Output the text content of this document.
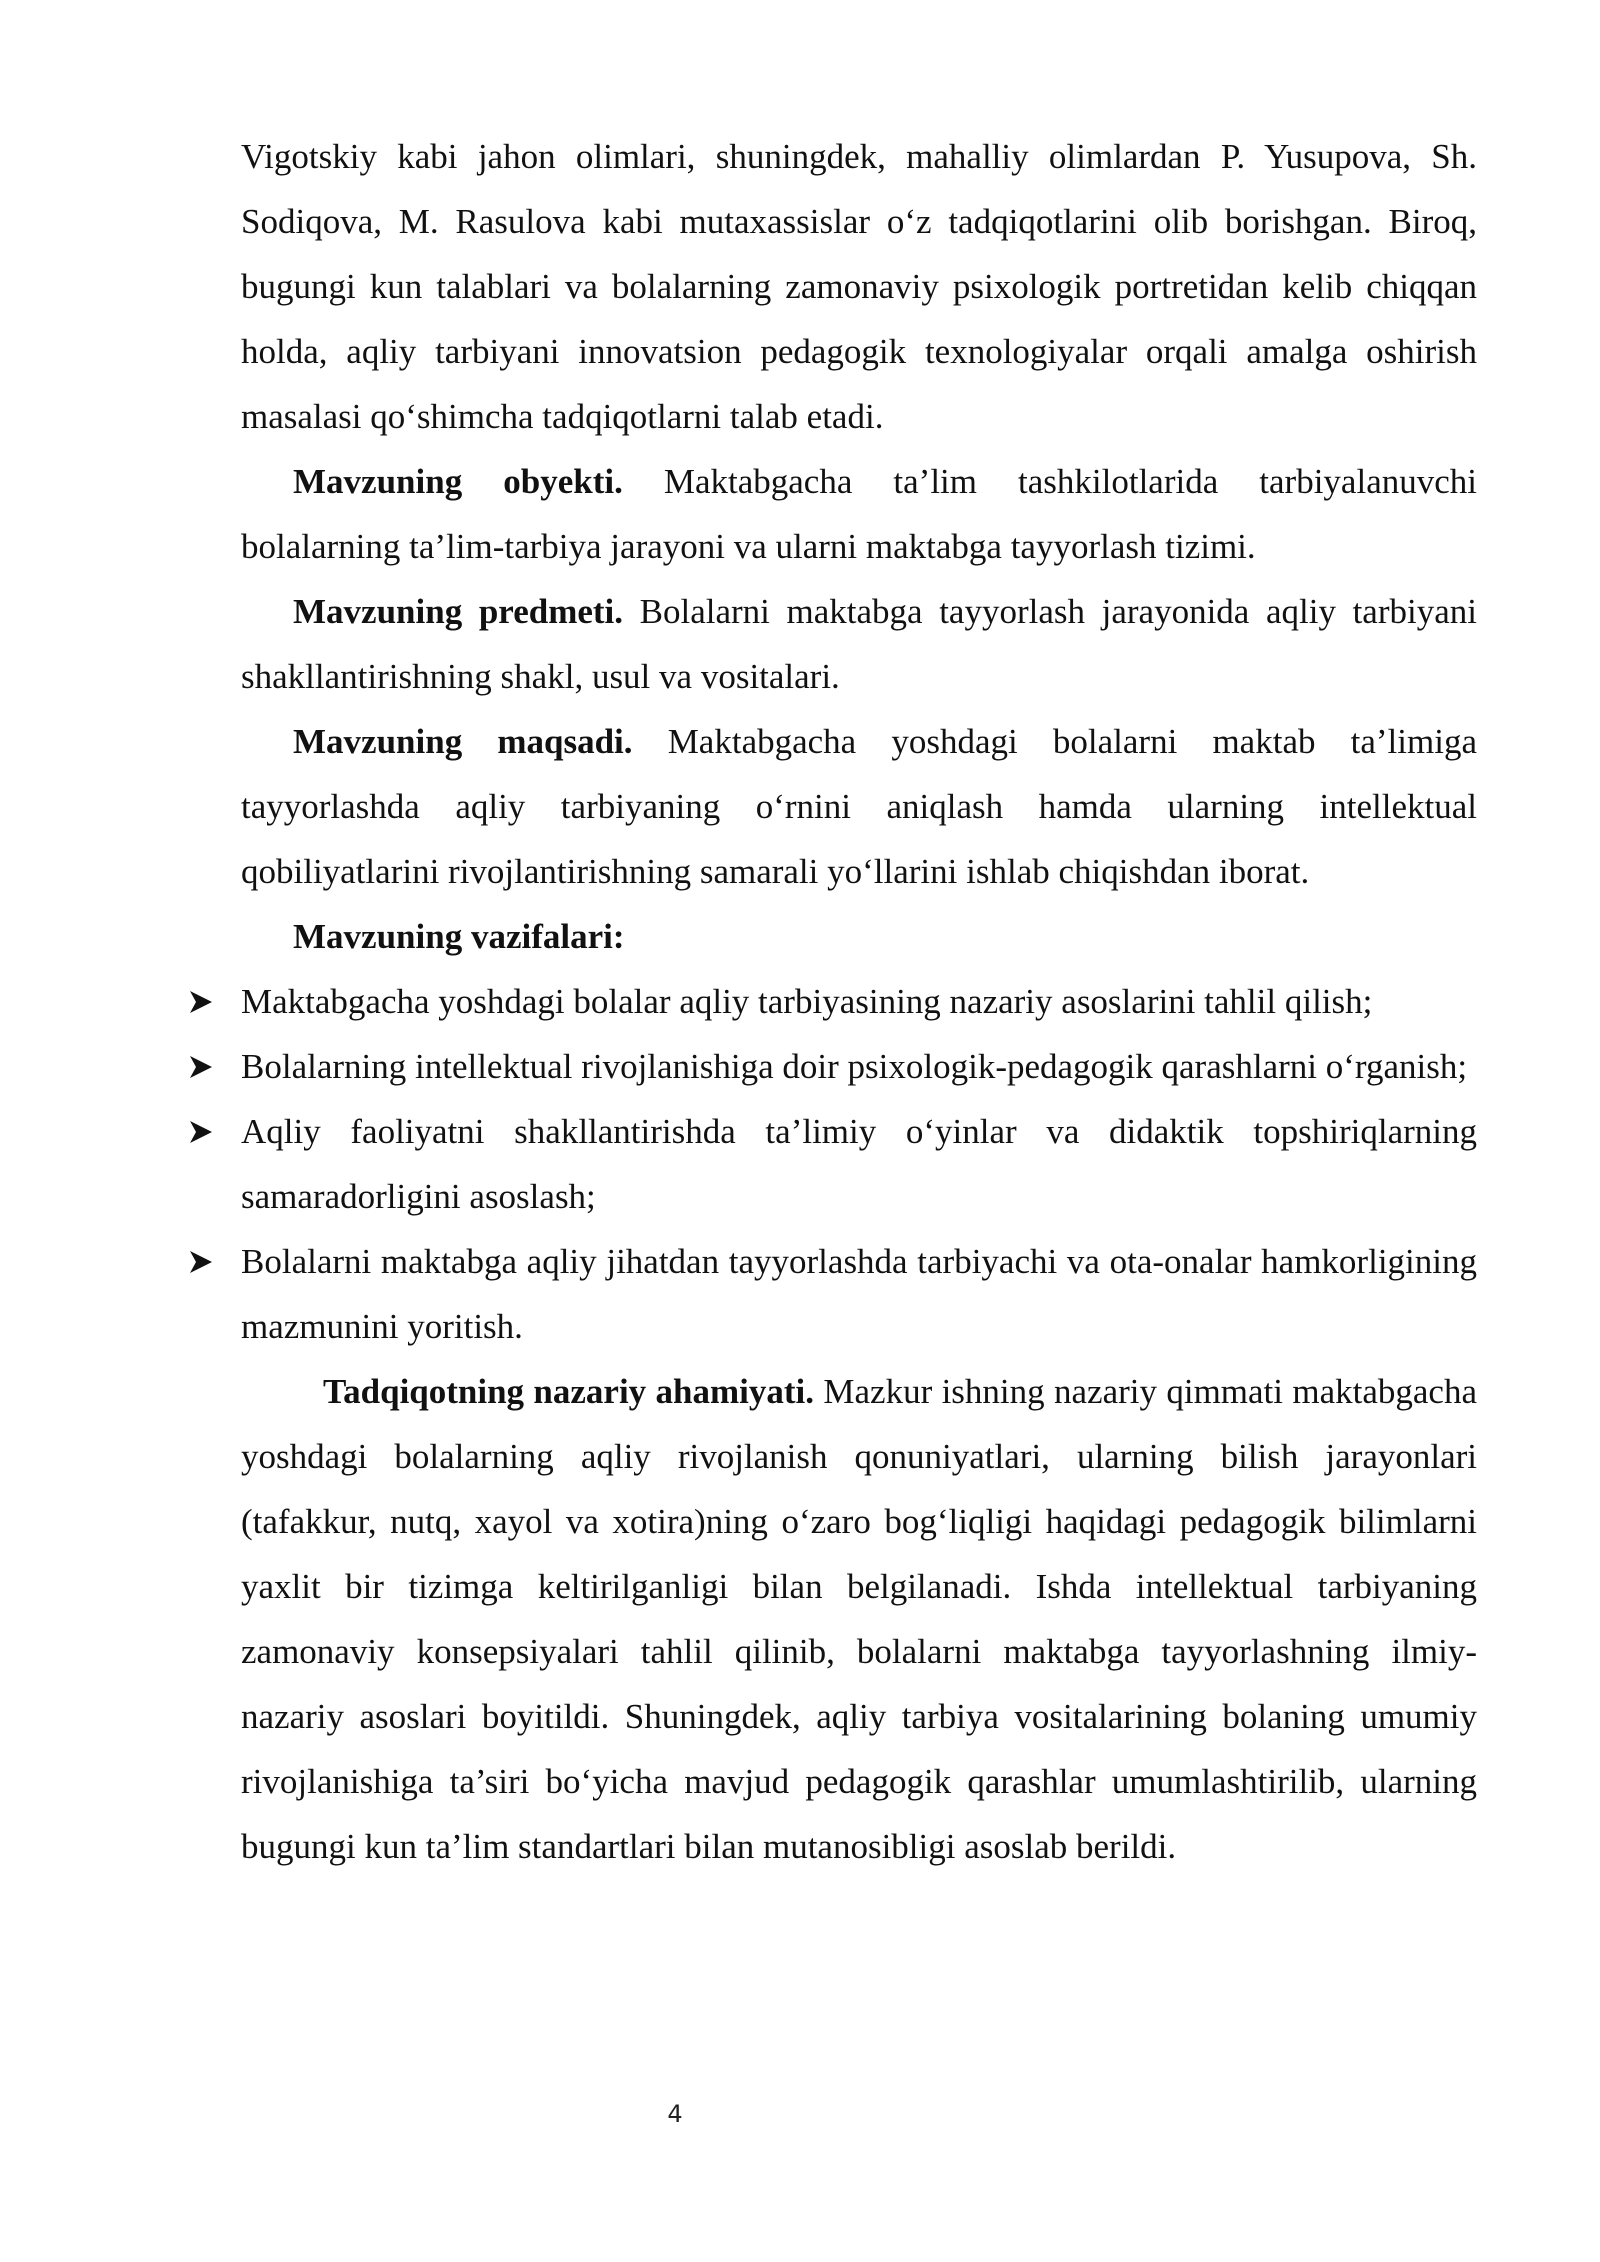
Vigotskiy kabi jahon olimlari, shuningdek, mahalliy olimlardan P. Yusupova, Sh. Sodiqova, M. Rasulova kabi mutaxassislar o‘z tadqiqotlarini olib borishgan. Biroq, bugungi kun talablari va bolalarning zamonaviy psixologik portretidan kelib chiqqan holda, aqliy tarbiyani innovatsion pedagogik texnologiyalar orqali amalga oshirish masalasi qo‘shimcha tadqiqotlarni talab etadi.

Mavzuning obyekti. Maktabgacha ta’lim tashkilotlarida tarbiyalanuvchi bolalarning ta’lim-tarbiya jarayoni va ularni maktabga tayyorlash tizimi.

Mavzuning predmeti. Bolalarni maktabga tayyorlash jarayonida aqliy tarbiyani shakllantirishning shakl, usul va vositalari.

Mavzuning maqsadi. Maktabgacha yoshdagi bolalarni maktab ta’limiga tayyorlashda aqliy tarbiyaning o‘rnini aniqlash hamda ularning intellektual qobiliyatlarini rivojlantirishning samarali yo‘llarini ishlab chiqishdan iborat.

Mavzuning vazifalari:

Maktabgacha yoshdagi bolalar aqliy tarbiyasining nazariy asoslarini tahlil qilish;
Bolalarning intellektual rivojlanishiga doir psixologik-pedagogik qarashlarni o‘rganish;
Aqliy faoliyatni shakllantirishda ta’limiy o‘yinlar va didaktik topshiriqlarning samaradorligini asoslash;
Bolalarni maktabga aqliy jihatdan tayyorlashda tarbiyachi va ota-onalar hamkorligining mazmunini yoritish.

Tadqiqotning nazariy ahamiyati. Mazkur ishning nazariy qimmati maktabgacha yoshdagi bolalarning aqliy rivojlanish qonuniyatlari, ularning bilish jarayonlari (tafakkur, nutq, xayol va xotira)ning o‘zaro bog‘liqligi haqidagi pedagogik bilimlarni yaxlit bir tizimga keltirilganligi bilan belgilanadi. Ishda intellektual tarbiyaning zamonaviy konsepsiyalari tahlil qilinib, bolalarni maktabga tayyorlashning ilmiy-nazariy asoslari boyitildi. Shuningdek, aqliy tarbiya vositalarining bolaning umumiy rivojlanishiga ta’siri bo‘yicha mavjud pedagogik qarashlar umumlashtirilib, ularning bugungi kun ta’lim standartlari bilan mutanosibligi asoslab berildi.

4
